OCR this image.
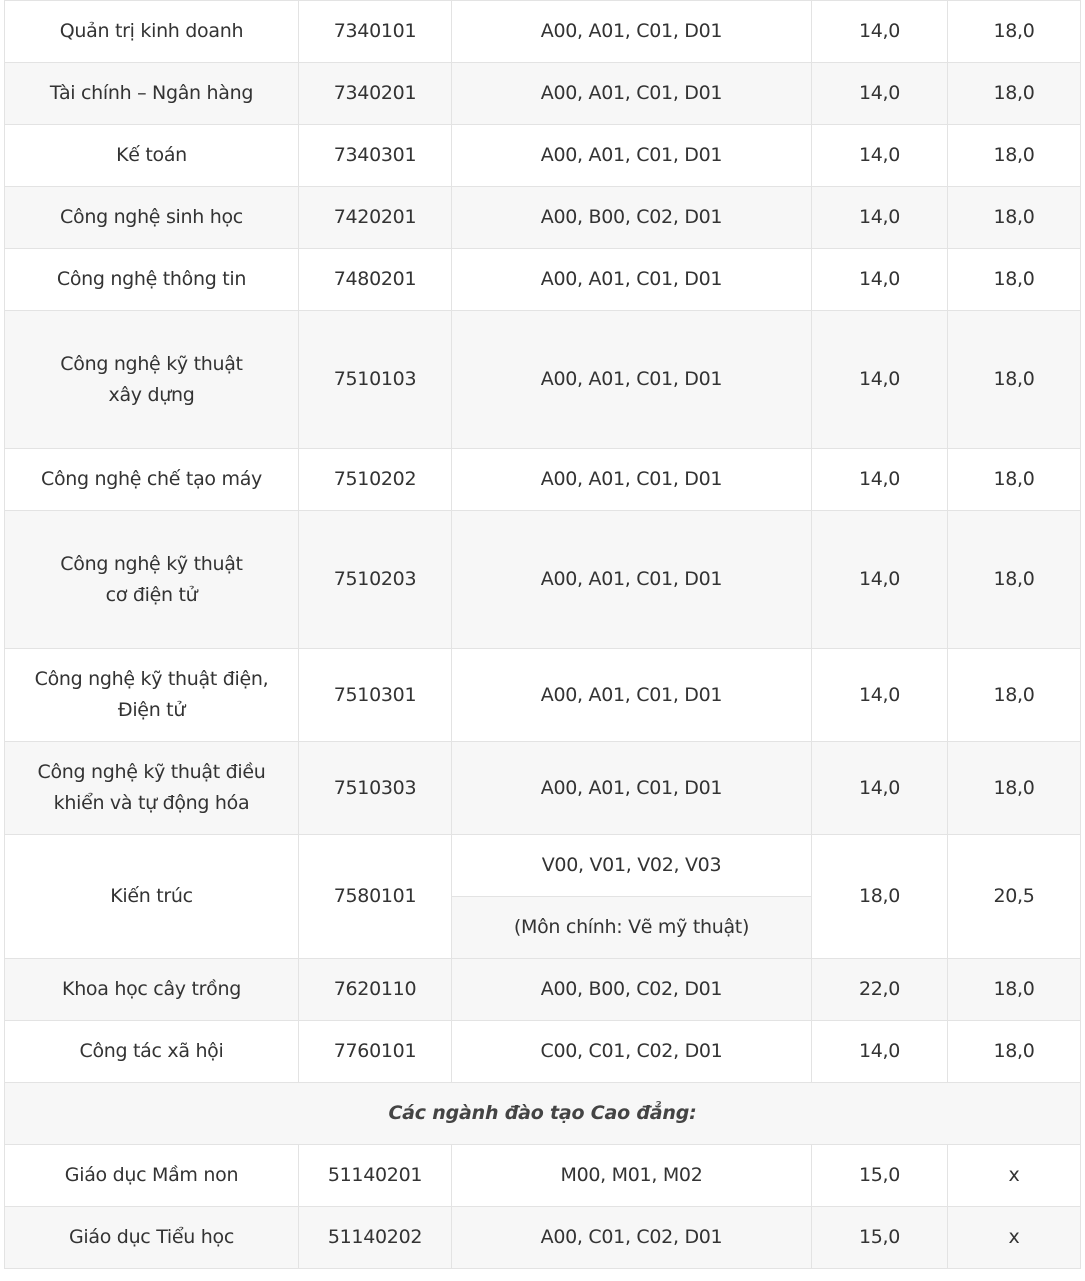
Quản trị kinh doanh	7340101	A00, A01, C01, D01	14,0	18,0
Tài chính – Ngân hàng	7340201	A00, A01, C01, D01	14,0	18,0
Kế toán	7340301	A00, A01, C01, D01	14,0	18,0
Công nghệ sinh học	7420201	A00, B00, C02, D01	14,0	18,0
Công nghệ thông tin	7480201	A00, A01, C01, D01	14,0	18,0

Công nghệ kỹ thuật
xây dựng	7510103	A00, A01, C01, D01	14,0	18,0
Công nghệ chế tạo máy	7510202	A00, A01, C01, D01	14,0	18,0

Công nghệ kỹ thuật
cơ điện tử	7510203	A00, A01, C01, D01	14,0	18,0

Công nghệ kỹ thuật điện,
Điện tử	7510301	A00, A01, C01, D01	14,0	18,0

Công nghệ kỹ thuật điều
khiển và tự động hóa	7510303	A00, A01, C01, D01	14,0	18,0
Kiến trúc	7580101	V00, V01, V02, V03	18,0	20,5
		(Môn chính: Vẽ mỹ thuật)		
Khoa học cây trồng	7620110	A00, B00, C02, D01	22,0	18,0
Công tác xã hội	7760101	C00, C01, C02, D01	14,0	18,0
Các ngành đào tạo Cao đẳng:				
Giáo dục Mầm non	51140201	M00, M01, M02	15,0	x
Giáo dục Tiểu học	51140202	A00, C01, C02, D01	15,0	x
